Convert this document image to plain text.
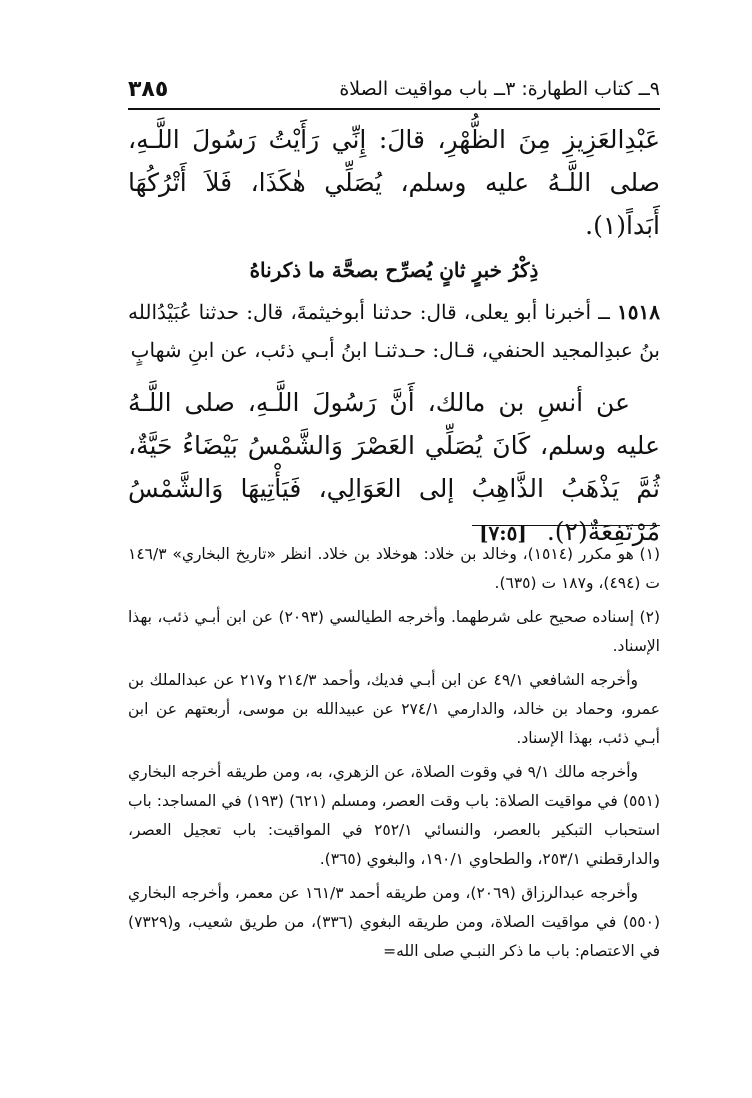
٩ــ كتاب الطهارة: ٣ــ باب مواقيت الصلاة
٣٨٥

عَبْدِالعَزِيزِ مِنَ الظُّهْرِ، قالَ: إِنِّي رَأَيْتُ رَسُولَ اللَّـهِ، صلى اللَّـهُ عليه وسلم، يُصَلِّي هٰكَذَا، فَلاَ أَتْرُكُهَا أَبَداً(١).

ذِكْرُ خبرٍ ثانٍ يُصرِّح بصحَّة ما ذكرناهُ

١٥١٨ ــ أخبرنا أبو يعلى، قال: حدثنا أبوخيثمةَ، قال: حدثنا عُبَيْدُالله بنُ عبدِالمجيد الحنفي، قـال: حـدثنـا ابنُ أبـي ذئب، عن ابنِ شهابٍ

عن أنسِ بن مالك، أَنَّ رَسُولَ اللَّـهِ، صلى اللَّـهُ عليه وسلم، كَانَ يُصَلِّي العَصْرَ وَالشَّمْسُ بَيْضَاءُ حَيَّةٌ، ثُمَّ يَذْهَبُ الذَّاهِبُ إلى العَوَالِي، فَيَأْتِيهَا وَالشَّمْسُ مُرْتَفِعَةٌ(٢). [٧:٥]

(١) هو مكرر (١٥١٤)، وخالد بن خلاد: هوخلاد بن خلاد. انظر «تاريخ البخاري» ١٤٦/٣ ت (٤٩٤)، و١٨٧ ت (٦٣٥).

(٢) إسناده صحيح على شرطهما. وأخرجه الطيالسي (٢٠٩٣) عن ابن أبـي ذئب، بهذا الإسناد.

وأخرجه الشافعي ٤٩/١ عن ابن أبـي فديك، وأحمد ٢١٤/٣ و٢١٧ عن عبدالملك بن عمرو، وحماد بن خالد، والدارمي ٢٧٤/١ عن عبيدالله بن موسى، أربعتهم عن ابن أبـي ذئب، بهذا الإسناد.

وأخرجه مالك ٩/١ في وقوت الصلاة، عن الزهري، به، ومن طريقه أخرجه البخاري (٥٥١) في مواقيت الصلاة: باب وقت العصر، ومسلم (٦٢١) (١٩٣) في المساجد: باب استحباب التبكير بالعصر، والنسائي ٢٥٢/١ في المواقيت: باب تعجيل العصر، والدارقطني ٢٥٣/١، والطحاوي ١٩٠/١، والبغوي (٣٦٥).

وأخرجه عبدالرزاق (٢٠٦٩)، ومن طريقه أحمد ١٦١/٣ عن معمر، وأخرجه البخاري (٥٥٠) في مواقيت الصلاة، ومن طريقه البغوي (٣٣٦)، من طريق شعيب، و(٧٣٢٩) في الاعتصام: باب ما ذكر النبـي صلى الله=
